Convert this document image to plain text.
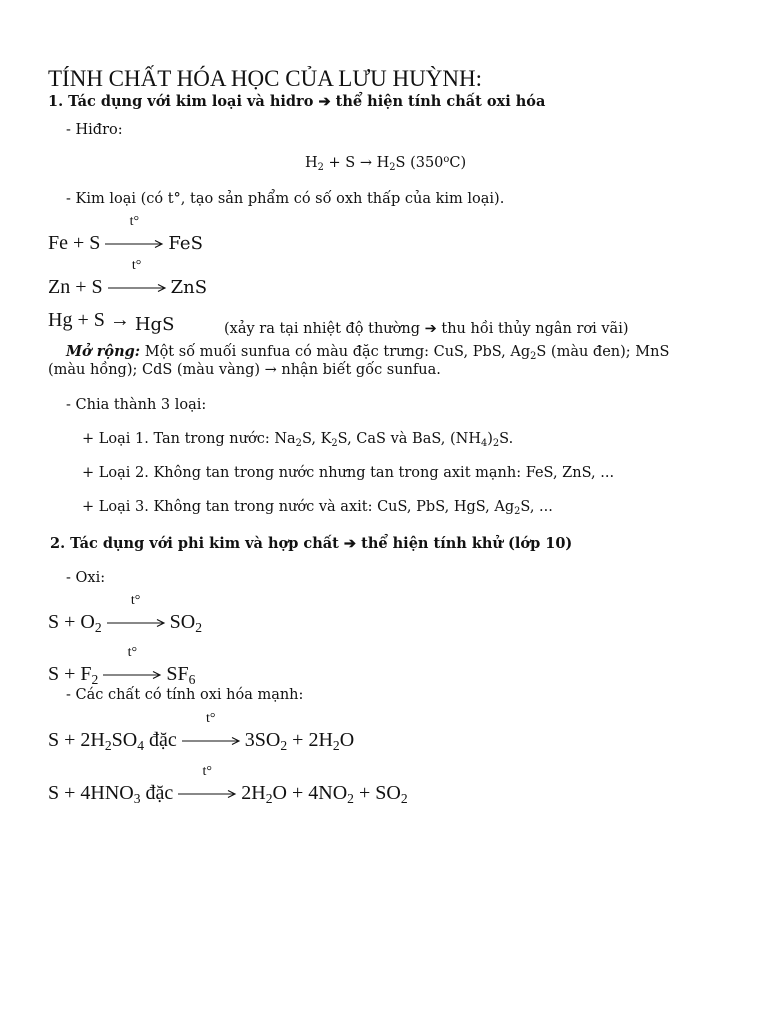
TÍNH CHẤT HÓA HỌC CỦA LƯU HUỲNH:
1. Tác dụng với kim loại và hidro ➔ thể hiện tính chất oxi hóa
- Hiđro:
$H_2 + S \to H_2S$ (350$^o$C)
- Kim loại (có t°, tạo sản phẩm có số oxh thấp của kim loại).
Fe + S
t°
FeS
Zn + S
t°
ZnS
Hg + S → HgS	(xảy ra tại nhiệt độ thường ➔ thu hồi thủy ngân rơi vãi)
Mở rộng: Một số muối sunfua có màu đặc trưng: CuS, PbS, $Ag_2S$ (màu đen); MnS
(màu hồng); CdS (màu vàng) → nhận biết gốc sunfua.
- Chia thành 3 loại:
+ Loại 1. Tan trong nước: $Na_2S$, $K_2S$, CaS và BaS, $(NH_4)_2S$.
+ Loại 2. Không tan trong nước nhưng tan trong axit mạnh: FeS, ZnS, ...
+ Loại 3. Không tan trong nước và axit: CuS, PbS, HgS, $Ag_2S$, ...
2. Tác dụng với phi kim và hợp chất ➔ thể hiện tính khử (lớp 10)
- Oxi:
$S + O_2$
t°
$SO_2$
$S + F_2$
t°
$SF_6$
- Các chất có tính oxi hóa mạnh:
$S + 2H_2SO_4$ đặc
t°
$3SO_2 + 2H_2O$
$S + 4HNO_3$ đặc
t°
$2H_2O + 4NO_2 + SO_2$
